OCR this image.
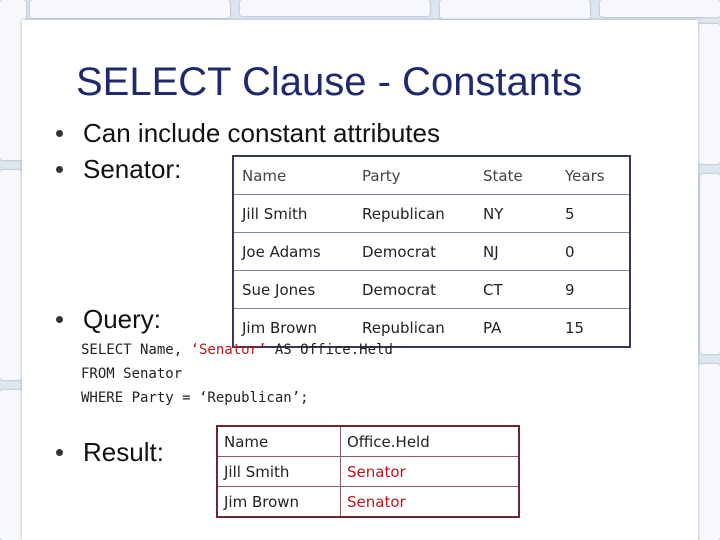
SELECT Clause - Constants
Can include constant attributes
Senator:
Query:
Result:
Name	Party	State	Years
Jill Smith	Republican	NY	5
Joe Adams	Democrat	NJ	0
Sue Jones	Democrat	CT	9
Jim Brown	Republican	PA	15
SELECT Name, ‘Senator’ AS Office.Held
FROM Senator
WHERE Party = ‘Republican’;
Name	Office.Held
Jill Smith	Senator
Jim Brown	Senator
